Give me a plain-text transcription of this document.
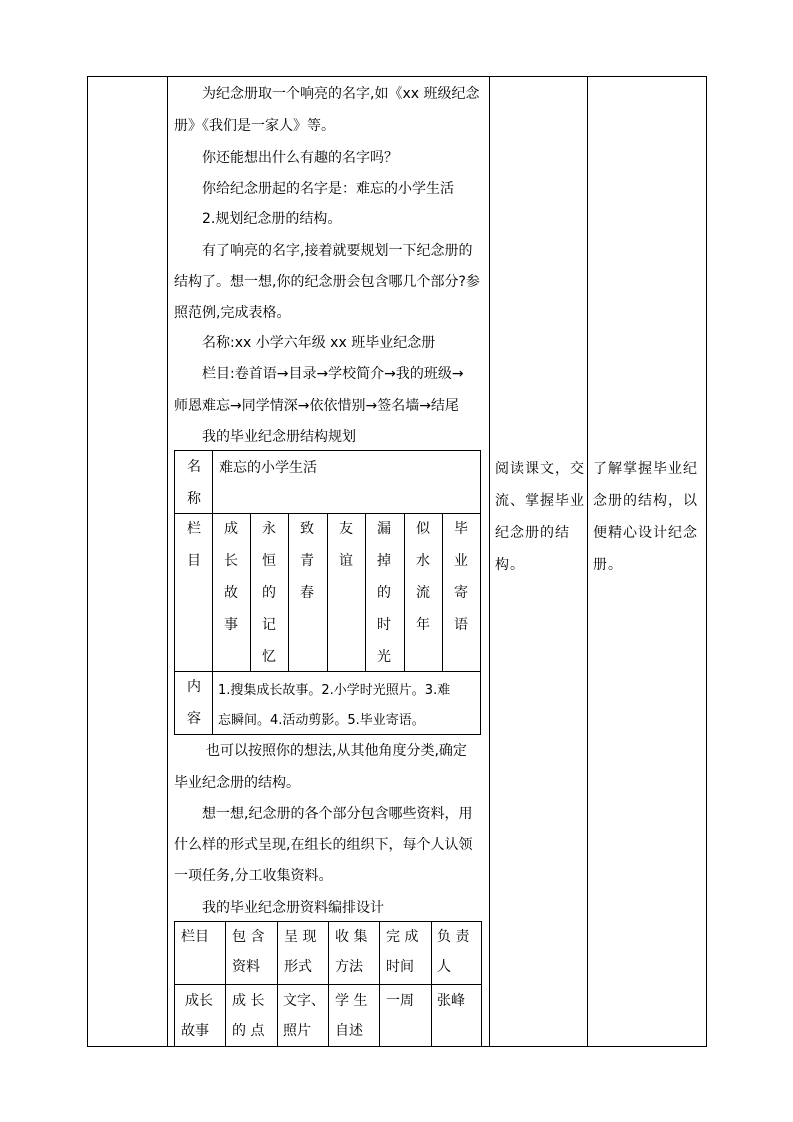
为纪念册取一个响亮的名字,如《xx 班级纪念
册》《我们是一家人》等。
你还能想出什么有趣的名字吗？
你给纪念册起的名字是：难忘的小学生活
2.规划纪念册的结构。
有了响亮的名字,接着就要规划一下纪念册的
结构了。想一想,你的纪念册会包含哪几个部分?参
照范例,完成表格。
名称:xx 小学六年级 xx 班毕业纪念册
栏目:卷首语→目录→学校简介→我的班级→
师恩难忘→同学情深→依依惜别→签名墙→结尾
我的毕业纪念册结构规划
名称
难忘的小学生活
栏目
成长故事
永恒的记忆
致青春
友谊
漏掉的时光
似水流年
毕业寄语
内容
1.搜集成长故事。2.小学时光照片。3.难
忘瞬间。4.活动剪影。5.毕业寄语。
也可以按照你的想法,从其他角度分类,确定
毕业纪念册的结构。
想一想,纪念册的各个部分包含哪些资料，用
什么样的形式呈现,在组长的组织下，每个人认领
一项任务,分工收集资料。
我的毕业纪念册资料编排设计
栏目 包 含
资料
呈 现
形式
收 集
方法
完 成
时间
负 责
人
成长
故事
成 长
的 点
文字、
照片
学 生
自述
一周 张峰
阅读课文，交
流、掌握毕业
纪念册的结
构。
了解掌握毕业纪
念册的结构，以
便精心设计纪念
册。
